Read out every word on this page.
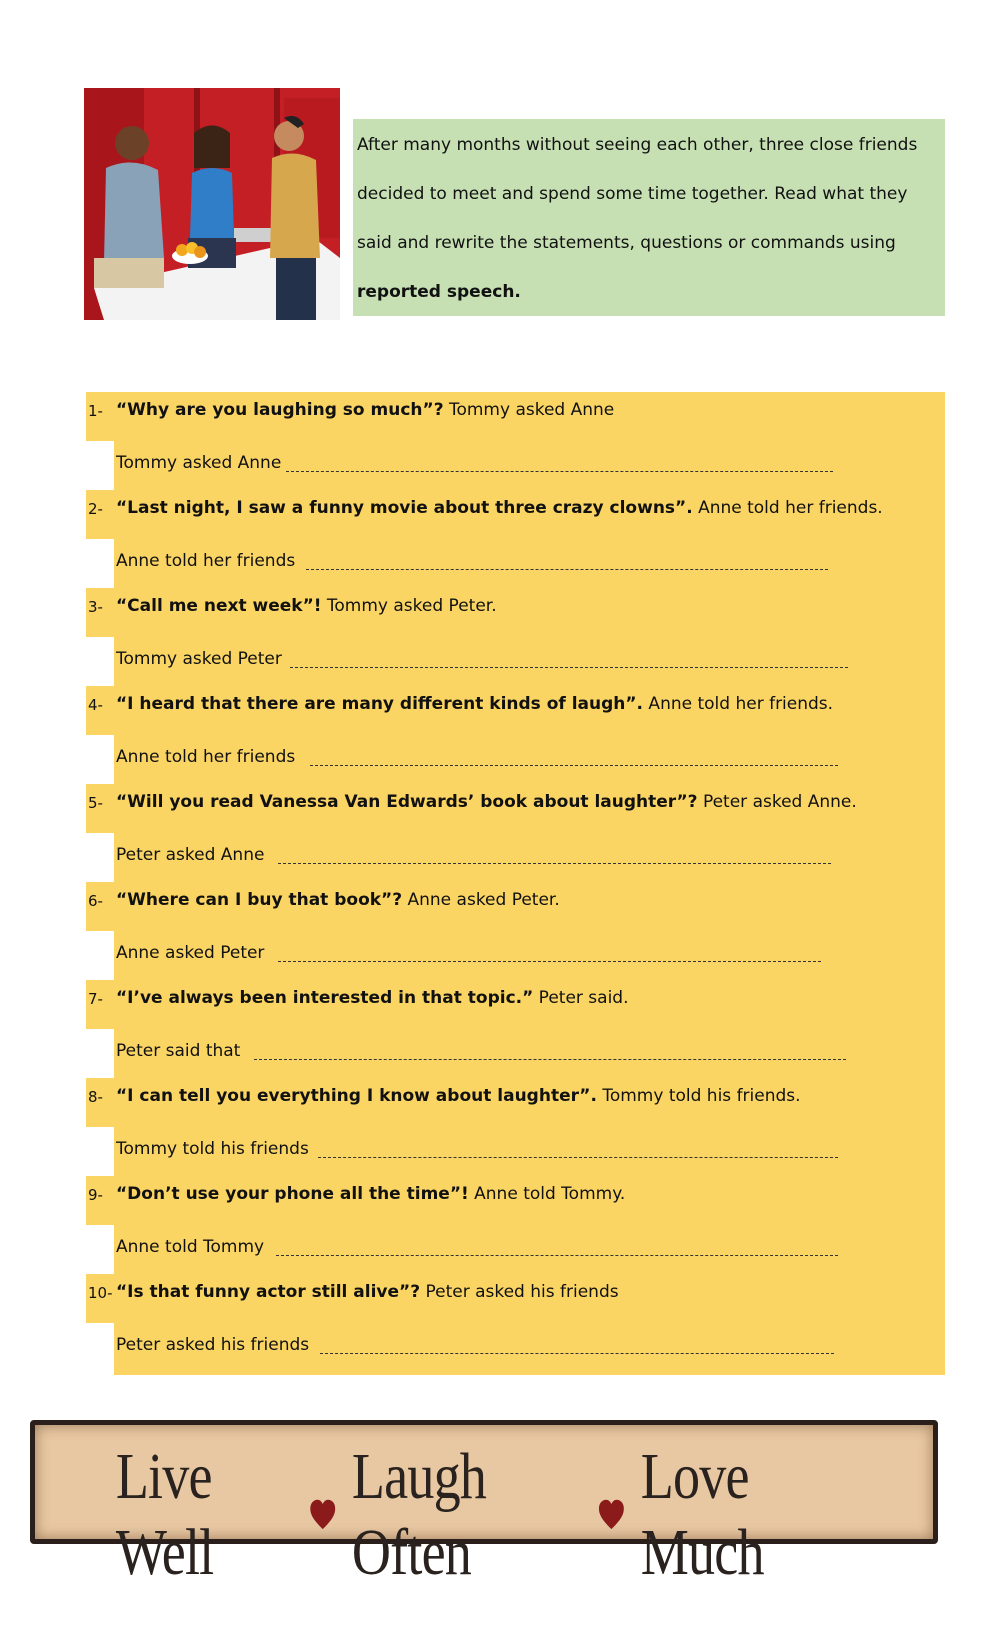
After many months without seeing each other, three close friends

decided to meet and spend some time together. Read what they

said and rewrite the statements, questions or commands using

reported speech.

1- “Why are you laughing so much”? Tommy asked Anne
Tommy asked Anne
2- “Last night, I saw a funny movie about three crazy clowns”. Anne told her friends.
Anne told her friends
3- “Call me next week”! Tommy asked Peter.
Tommy asked Peter
4- “I heard that there are many different kinds of laugh”. Anne told her friends.
Anne told her friends
5- “Will you read Vanessa Van Edwards’ book about laughter”? Peter asked Anne.
Peter asked Anne
6- “Where can I buy that book”? Anne asked Peter.
Anne asked Peter
7- “I’ve always been interested in that topic.” Peter said.
Peter said that
8- “I can tell you everything I know about laughter”. Tommy told his friends.
Tommy told his friends
9- “Don’t use your phone all the time”! Anne told Tommy.
Anne told Tommy
10- “Is that funny actor still alive”? Peter asked his friends
Peter asked his friends
Live Well
Laugh Often
Love Much
